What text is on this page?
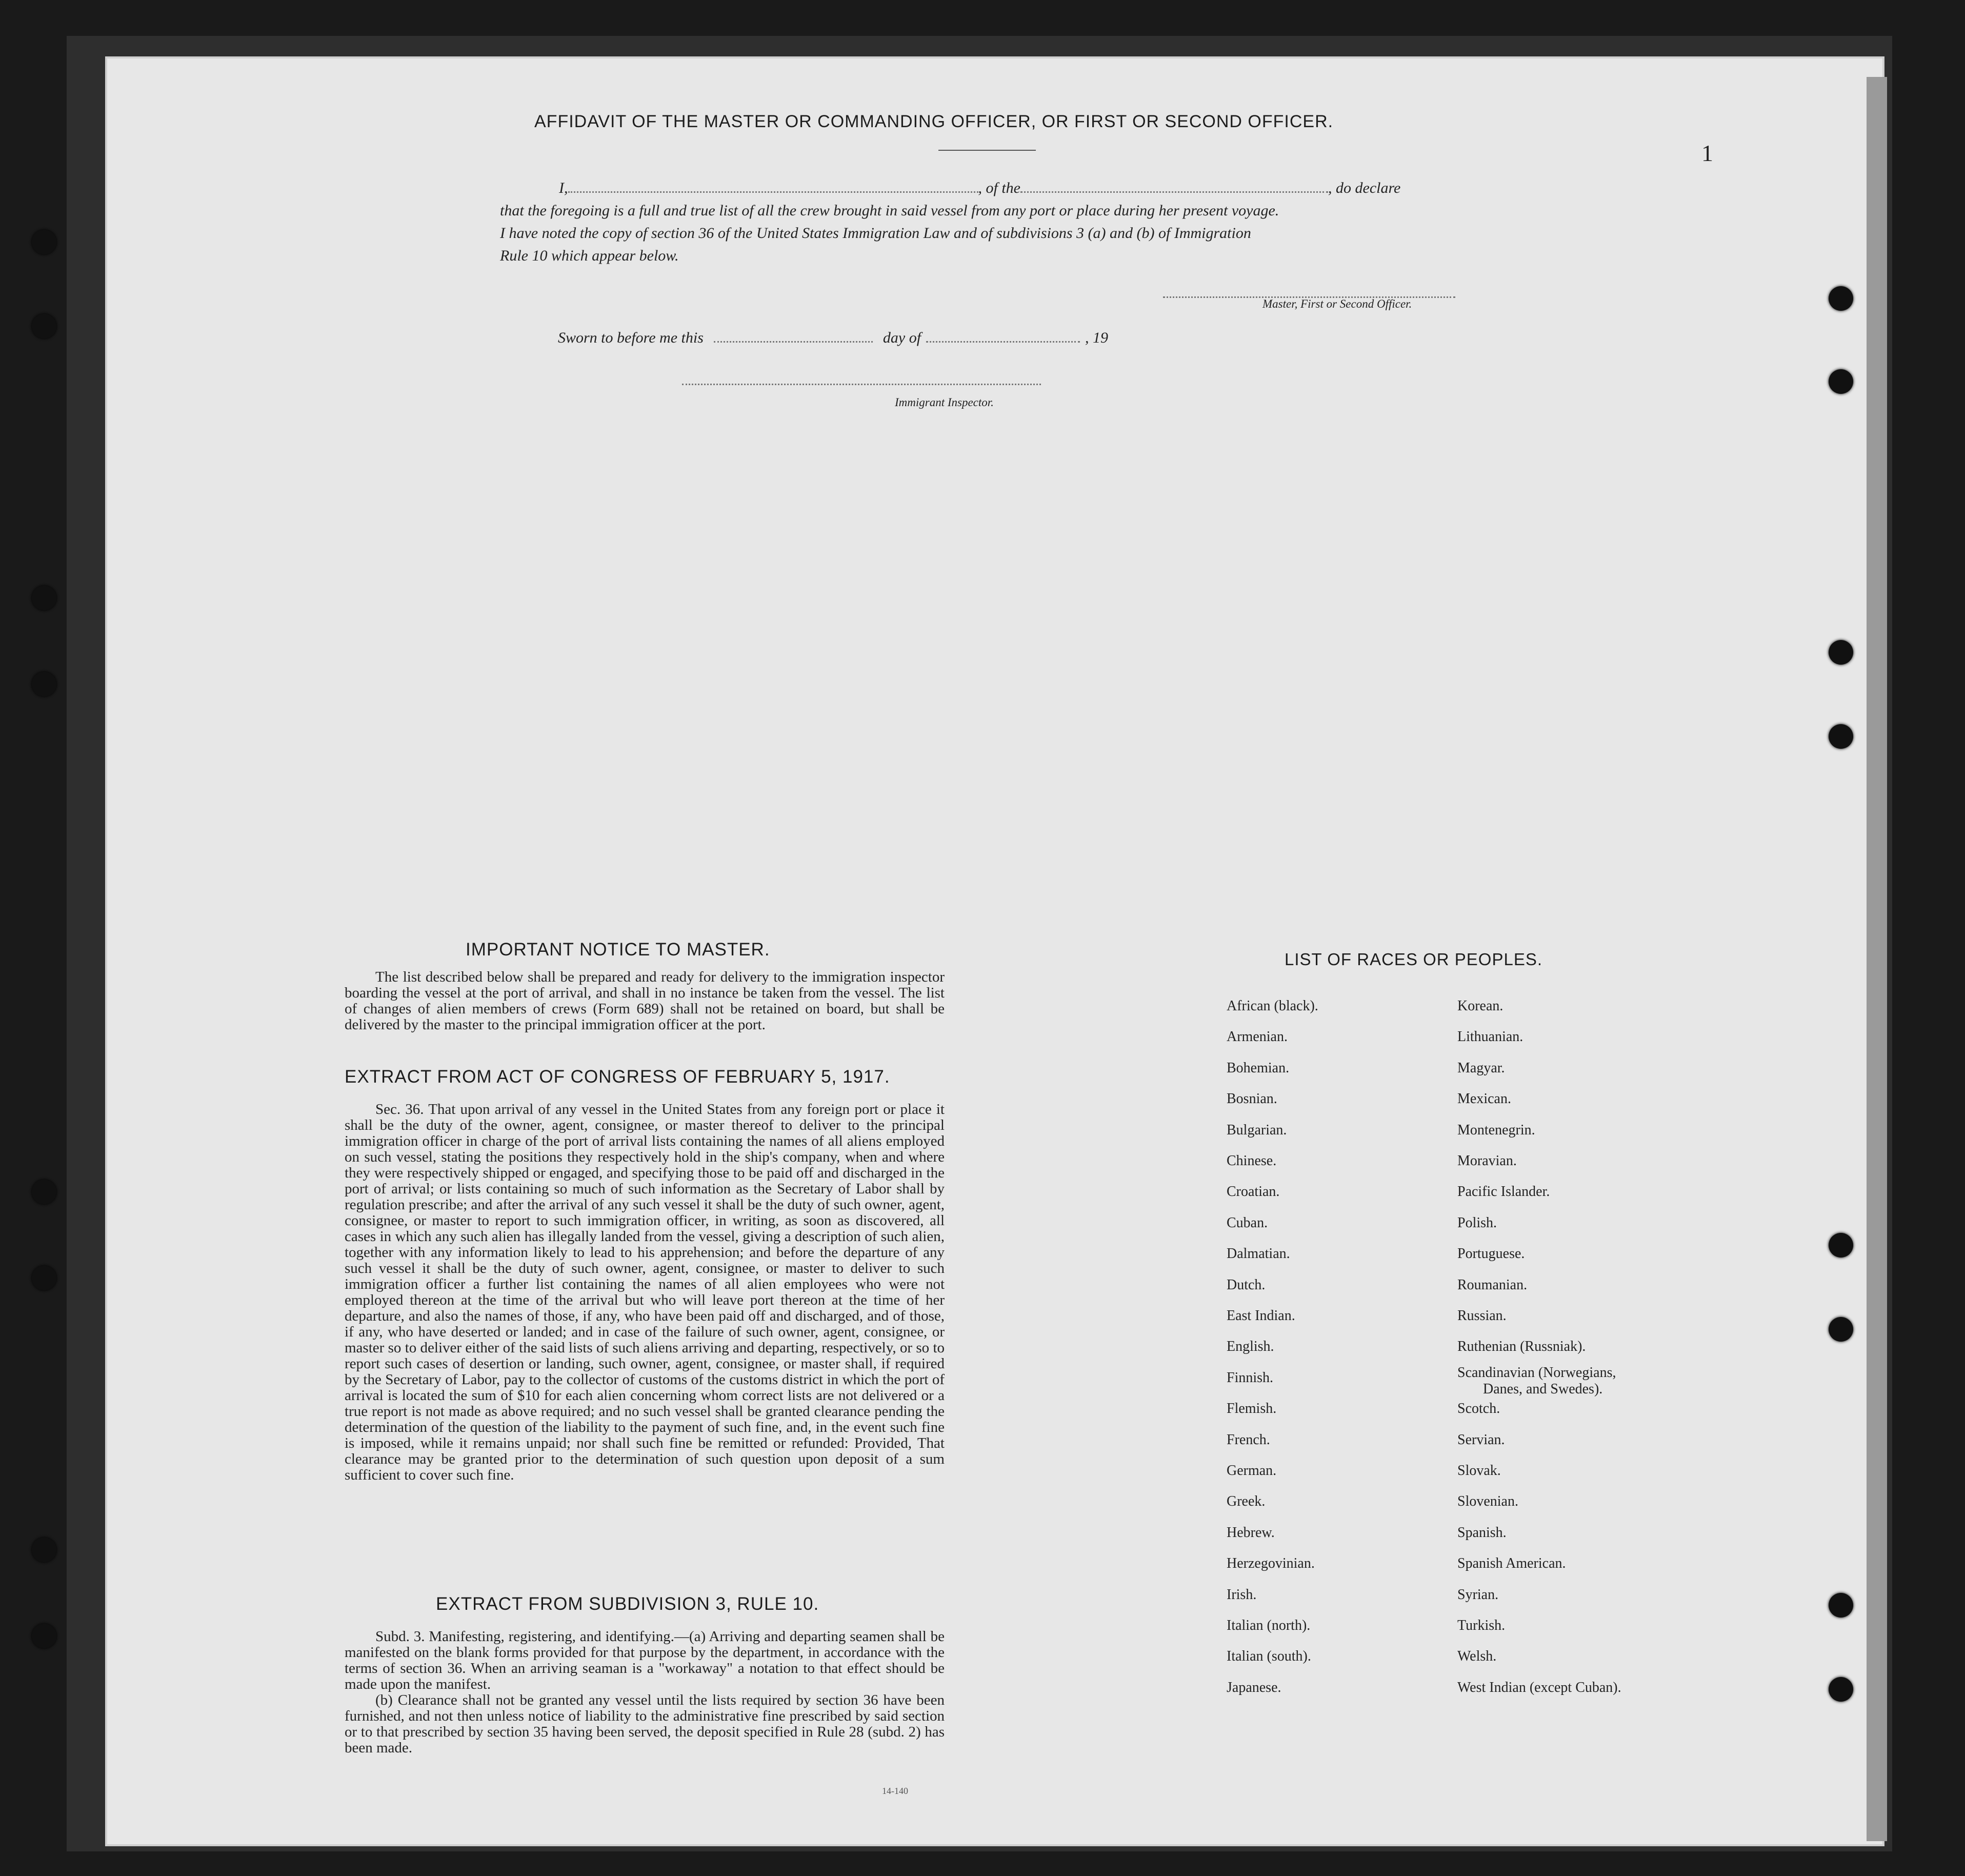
1
AFFIDAVIT OF THE MASTER OR COMMANDING OFFICER, OR FIRST OR SECOND OFFICER.
I,	, of the	, do declare
that the foregoing is a full and true list of all the crew brought in said vessel from any port or place during her present voyage.
I have noted the copy of section 36 of the United States Immigration Law and of subdivisions 3 (a) and (b) of Immigration
Rule 10 which appear below.
Master, First or Second Officer.
Sworn to before me this	day of	, 19
Immigrant Inspector.
IMPORTANT NOTICE TO MASTER.

The list described below shall be prepared and ready for delivery to the immigration inspector boarding the vessel at the port of arrival, and shall in no instance be taken from the vessel. The list of changes of alien members of crews (Form 689) shall not be retained on board, but shall be delivered by the master to the principal immigration officer at the port.

EXTRACT FROM ACT OF CONGRESS OF FEBRUARY 5, 1917.

Sec. 36. That upon arrival of any vessel in the United States from any foreign port or place it shall be the duty of the owner, agent, consignee, or master thereof to deliver to the principal immigration officer in charge of the port of arrival lists containing the names of all aliens employed on such vessel, stating the positions they respectively hold in the ship's company, when and where they were respectively shipped or engaged, and specifying those to be paid off and discharged in the port of arrival; or lists containing so much of such information as the Secretary of Labor shall by regulation prescribe; and after the arrival of any such vessel it shall be the duty of such owner, agent, consignee, or master to report to such immigration officer, in writing, as soon as discovered, all cases in which any such alien has illegally landed from the vessel, giving a description of such alien, together with any information likely to lead to his apprehension; and before the departure of any such vessel it shall be the duty of such owner, agent, consignee, or master to deliver to such immigration officer a further list containing the names of all alien employees who were not employed thereon at the time of the arrival but who will leave port thereon at the time of her departure, and also the names of those, if any, who have been paid off and discharged, and of those, if any, who have deserted or landed; and in case of the failure of such owner, agent, consignee, or master so to deliver either of the said lists of such aliens arriving and departing, respectively, or so to report such cases of desertion or landing, such owner, agent, consignee, or master shall, if required by the Secretary of Labor, pay to the collector of customs of the customs district in which the port of arrival is located the sum of $10 for each alien concerning whom correct lists are not delivered or a true report is not made as above required; and no such vessel shall be granted clearance pending the determination of the question of the liability to the payment of such fine, and, in the event such fine is imposed, while it remains unpaid; nor shall such fine be remitted or refunded: Provided, That clearance may be granted prior to the determination of such question upon deposit of a sum sufficient to cover such fine.

EXTRACT FROM SUBDIVISION 3, RULE 10.

Subd. 3. Manifesting, registering, and identifying.—(a) Arriving and departing seamen shall be manifested on the blank forms provided for that purpose by the department, in accordance with the terms of section 36. When an arriving seaman is a "workaway" a notation to that effect should be made upon the manifest.

(b) Clearance shall not be granted any vessel until the lists required by section 36 have been furnished, and not then unless notice of liability to the administrative fine prescribed by said section or to that prescribed by section 35 having been served, the deposit specified in Rule 28 (subd. 2) has been made.

14-140
LIST OF RACES OR PEOPLES.
African (black).
Armenian.
Bohemian.
Bosnian.
Bulgarian.
Chinese.
Croatian.
Cuban.
Dalmatian.
Dutch.
East Indian.
English.
Finnish.
Flemish.
French.
German.
Greek.
Hebrew.
Herzegovinian.
Irish.
Italian (north).
Italian (south).
Japanese.
Korean.
Lithuanian.
Magyar.
Mexican.
Montenegrin.
Moravian.
Pacific Islander.
Polish.
Portuguese.
Roumanian.
Russian.
Ruthenian (Russniak).
Scandinavian (Norwegians,
Danes, and Swedes).
Scotch.
Servian.
Slovak.
Slovenian.
Spanish.
Spanish American.
Syrian.
Turkish.
Welsh.
West Indian (except Cuban).
